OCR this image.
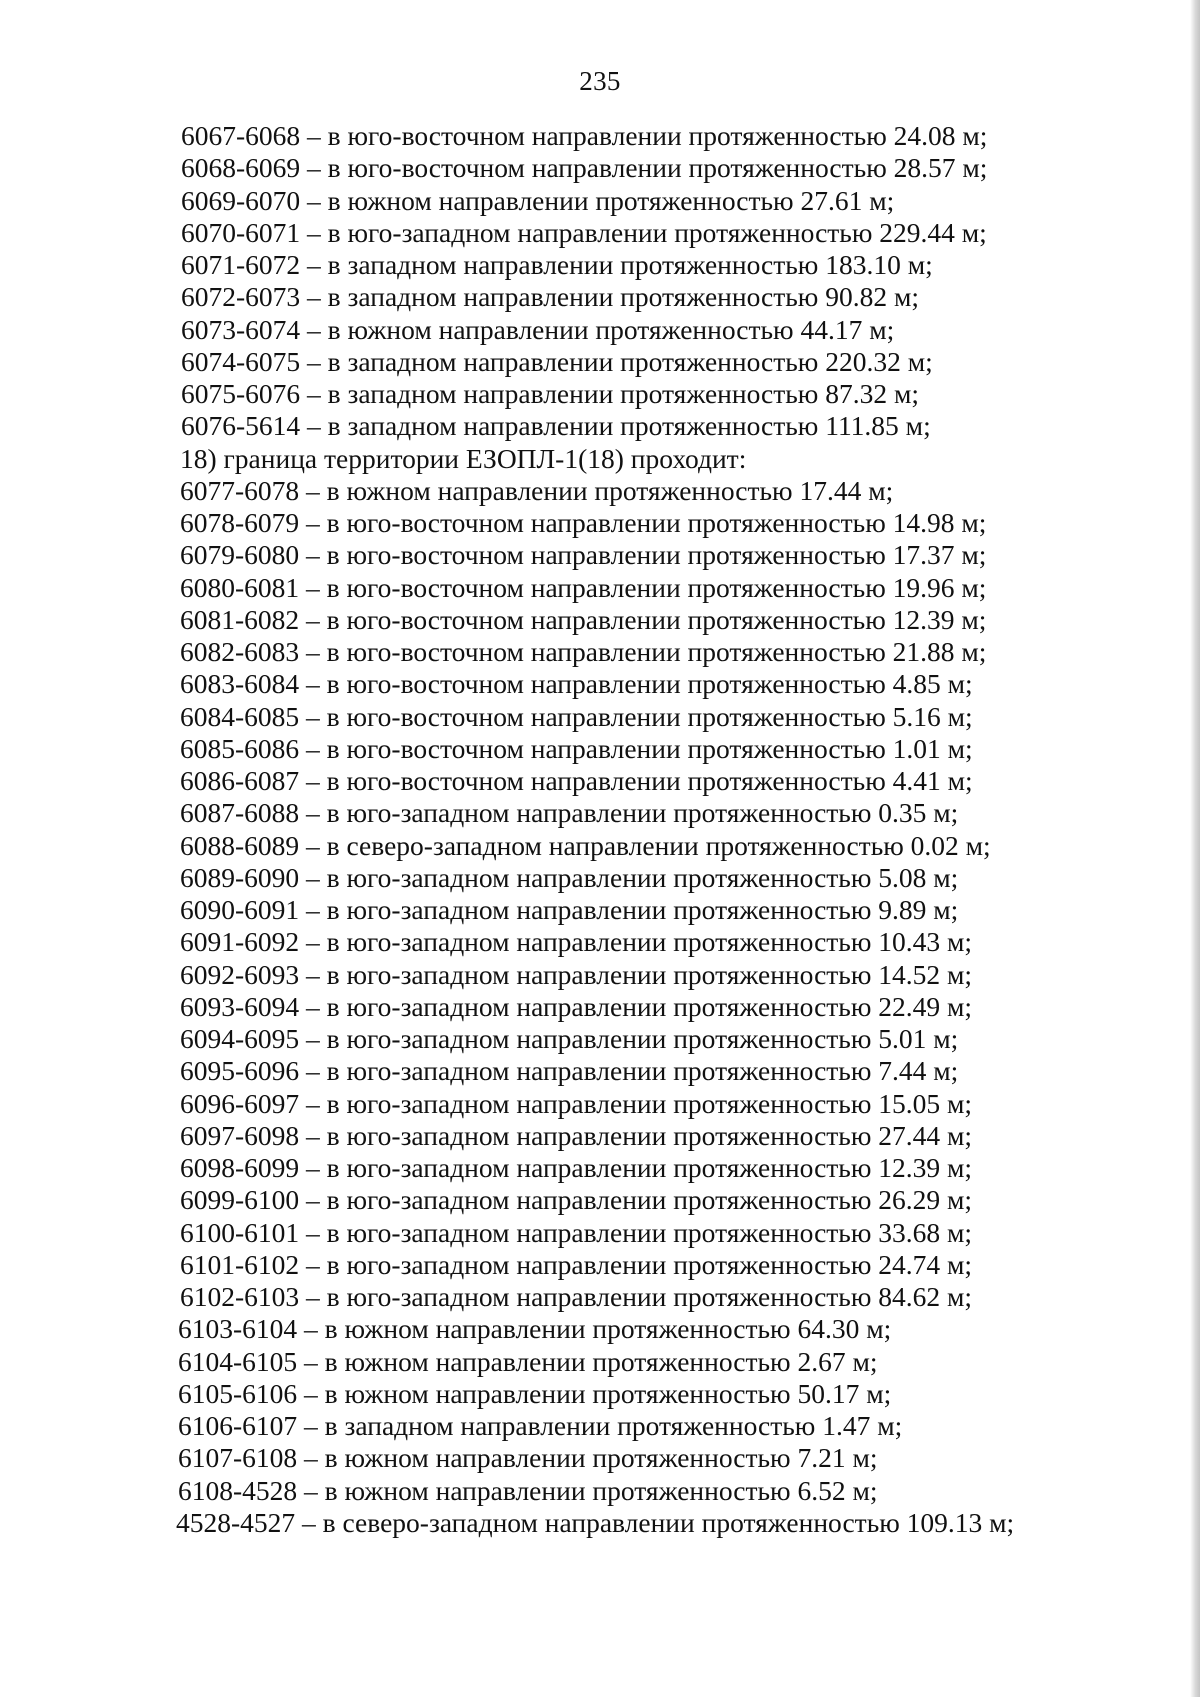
235
6067-6068 – в юго-восточном направлении протяженностью 24.08 м;
6068-6069 – в юго-восточном направлении протяженностью 28.57 м;
6069-6070 – в южном направлении протяженностью 27.61 м;
6070-6071 – в юго-западном направлении протяженностью 229.44 м;
6071-6072 – в западном направлении протяженностью 183.10 м;
6072-6073 – в западном направлении протяженностью 90.82 м;
6073-6074 – в южном направлении протяженностью 44.17 м;
6074-6075 – в западном направлении протяженностью 220.32 м;
6075-6076 – в западном направлении протяженностью 87.32 м;
6076-5614 – в западном направлении протяженностью 111.85 м;
18) граница территории ЕЗОПЛ-1(18) проходит:
6077-6078 – в южном направлении протяженностью 17.44 м;
6078-6079 – в юго-восточном направлении протяженностью 14.98 м;
6079-6080 – в юго-восточном направлении протяженностью 17.37 м;
6080-6081 – в юго-восточном направлении протяженностью 19.96 м;
6081-6082 – в юго-восточном направлении протяженностью 12.39 м;
6082-6083 – в юго-восточном направлении протяженностью 21.88 м;
6083-6084 – в юго-восточном направлении протяженностью 4.85 м;
6084-6085 – в юго-восточном направлении протяженностью 5.16 м;
6085-6086 – в юго-восточном направлении протяженностью 1.01 м;
6086-6087 – в юго-восточном направлении протяженностью 4.41 м;
6087-6088 – в юго-западном направлении протяженностью 0.35 м;
6088-6089 – в северо-западном направлении протяженностью 0.02 м;
6089-6090 – в юго-западном направлении протяженностью 5.08 м;
6090-6091 – в юго-западном направлении протяженностью 9.89 м;
6091-6092 – в юго-западном направлении протяженностью 10.43 м;
6092-6093 – в юго-западном направлении протяженностью 14.52 м;
6093-6094 – в юго-западном направлении протяженностью 22.49 м;
6094-6095 – в юго-западном направлении протяженностью 5.01 м;
6095-6096 – в юго-западном направлении протяженностью 7.44 м;
6096-6097 – в юго-западном направлении протяженностью 15.05 м;
6097-6098 – в юго-западном направлении протяженностью 27.44 м;
6098-6099 – в юго-западном направлении протяженностью 12.39 м;
6099-6100 – в юго-западном направлении протяженностью 26.29 м;
6100-6101 – в юго-западном направлении протяженностью 33.68 м;
6101-6102 – в юго-западном направлении протяженностью 24.74 м;
6102-6103 – в юго-западном направлении протяженностью 84.62 м;
6103-6104 – в южном направлении протяженностью 64.30 м;
6104-6105 – в южном направлении протяженностью 2.67 м;
6105-6106 – в южном направлении протяженностью 50.17 м;
6106-6107 – в западном направлении протяженностью 1.47 м;
6107-6108 – в южном направлении протяженностью 7.21 м;
6108-4528 – в южном направлении протяженностью 6.52 м;
4528-4527 – в северо-западном направлении протяженностью 109.13 м;
